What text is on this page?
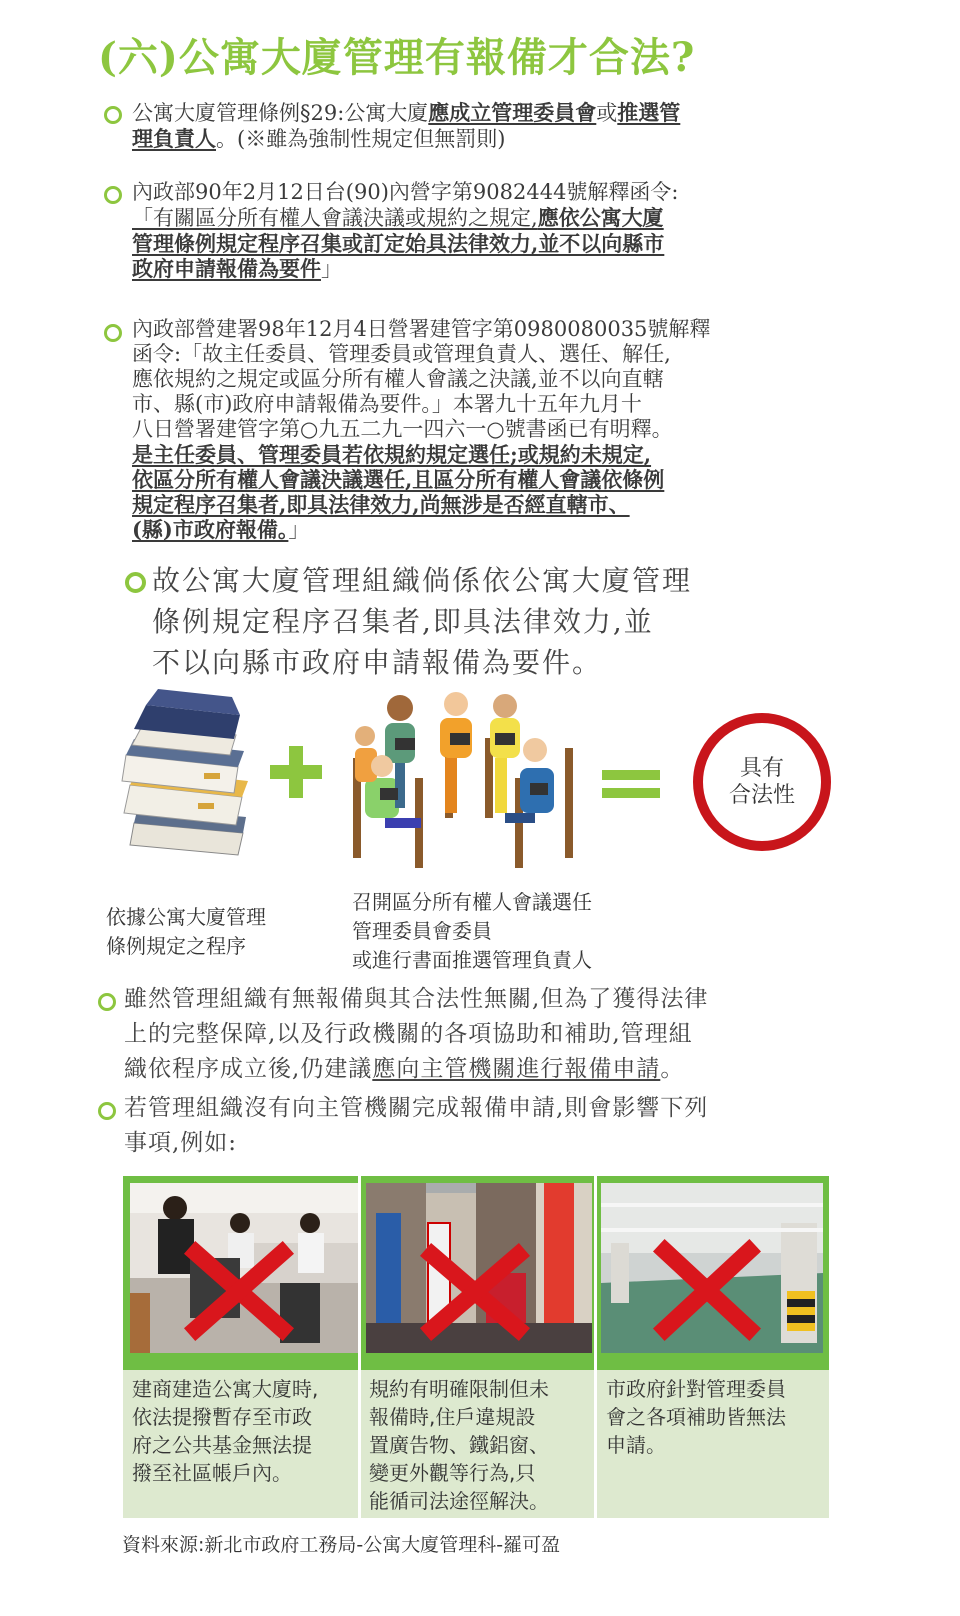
(六)公寓大廈管理有報備才合法?
公寓大廈管理條例§29:公寓大廈應成立管理委員會或推選管
理負責人。(※雖為強制性規定但無罰則)
內政部90年2月12日台(90)內營字第9082444號解釋函令:
「有關區分所有權人會議決議或規約之規定,應依公寓大廈
管理條例規定程序召集或訂定始具法律效力,並不以向縣市
政府申請報備為要件」
內政部營建署98年12月4日營署建管字第0980080035號解釋
函令:「故主任委員、管理委員或管理負責人、選任、解任,
應依規約之規定或區分所有權人會議之決議,並不以向直轄
市、縣(市)政府申請報備為要件。」本署九十五年九月十
八日營署建管字第○九五二九一四六一○號書函已有明釋。
是主任委員、管理委員若依規約規定選任;或規約未規定,
依區分所有權人會議決議選任,且區分所有權人會議依條例
規定程序召集者,即具法律效力,尚無涉是否經直轄市、
(縣)市政府報備。」
故公寓大廈管理組織倘係依公寓大廈管理
條例規定程序召集者,即具法律效力,並
不以向縣市政府申請報備為要件。
具有
合法性
依據公寓大廈管理
條例規定之程序
召開區分所有權人會議選任
管理委員會委員
或進行書面推選管理負責人
雖然管理組織有無報備與其合法性無關,但為了獲得法律
上的完整保障,以及行政機關的各項協助和補助,管理組
織依程序成立後,仍建議應向主管機關進行報備申請。
若管理組織沒有向主管機關完成報備申請,則會影響下列
事項,例如:
建商建造公寓大廈時,
依法提撥暫存至市政
府之公共基金無法提
撥至社區帳戶內。
規約有明確限制但未
報備時,住戶違規設
置廣告物、鐵鋁窗、
變更外觀等行為,只
能循司法途徑解決。
市政府針對管理委員
會之各項補助皆無法
申請。
資料來源:新北市政府工務局-公寓大廈管理科-羅可盈
